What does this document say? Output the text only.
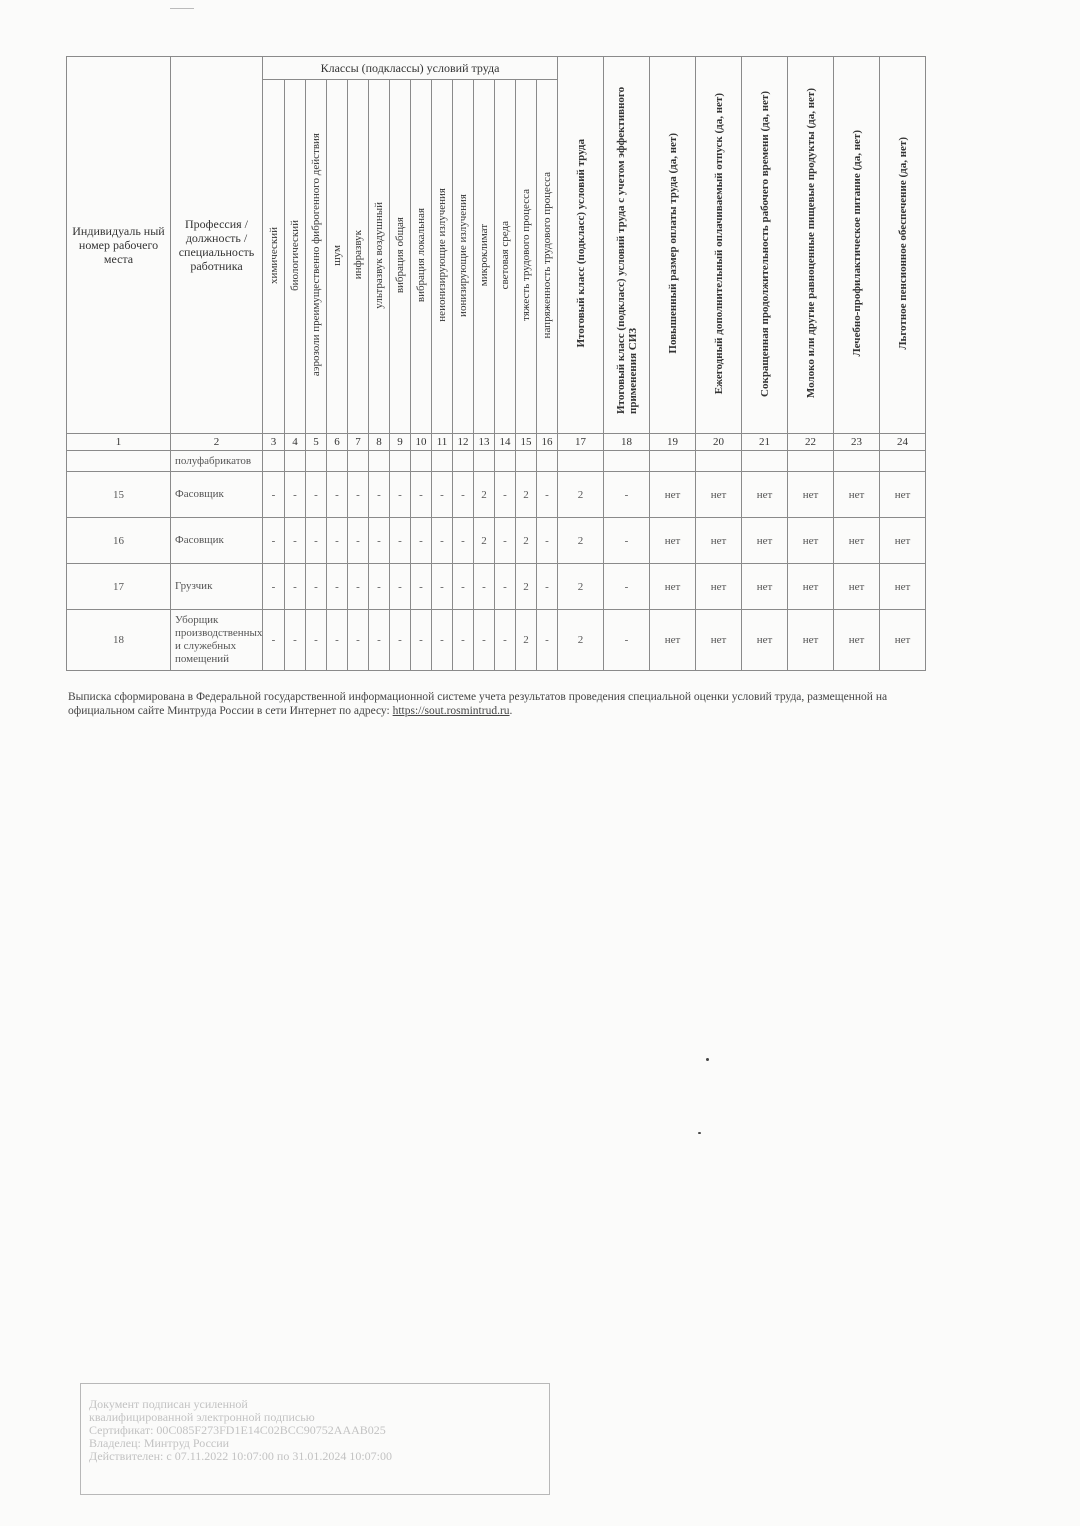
Индивидуаль ный номер рабочего места	Профессия / должность / специальность работника	Классы (подклассы) условий труда														Итоговый класс (подкласс) условий труда	Итоговый класс (подкласс) условий труда с учетом эффективного применения СИЗ	Повышенный размер оплаты труда (да, нет)	Ежегодный дополнительный оплачиваемый отпуск (да, нет)	Сокращенная продолжительность рабочего времени (да, нет)	Молоко или другие равноценные пищевые продукты (да, нет)	Лечебно-профилактическое питание (да, нет)	Льготное пенсионное обеспечение (да, нет)
		химический	биологический	аэрозоли преимущественно фиброгенного действия	шум	инфразвук	ультразвук воздушный	вибрация общая	вибрация локальная	неионизирующие излучения	ионизирующие излучения	микроклимат	световая среда	тяжесть трудового процесса	напряженность трудового процесса								
1	2	3	4	5	6	7	8	9	10	11	12	13	14	15	16	17	18	19	20	21	22	23	24
	полуфабрикатов																						
15	Фасовщик	-	-	-	-	-	-	-	-	-	-	2	-	2	-	2	-	нет	нет	нет	нет	нет	нет
16	Фасовщик	-	-	-	-	-	-	-	-	-	-	2	-	2	-	2	-	нет	нет	нет	нет	нет	нет
17	Грузчик	-	-	-	-	-	-	-	-	-	-	-	-	2	-	2	-	нет	нет	нет	нет	нет	нет
18	Уборщик производственных и служебных помещений	-	-	-	-	-	-	-	-	-	-	-	-	2	-	2	-	нет	нет	нет	нет	нет	нет
Выписка сформирована в Федеральной государственной информационной системе учета результатов проведения специальной оценки условий труда, размещенной на официальном сайте Минтруда России в сети Интернет по адресу: https://sout.rosmintrud.ru.
Документ подписан усиленной
квалифицированной электронной подписью
Сертификат: 00C085F273FD1E14C02BCC90752AAAB025
Владелец: Минтруд России
Действителен: с 07.11.2022 10:07:00 по 31.01.2024 10:07:00
